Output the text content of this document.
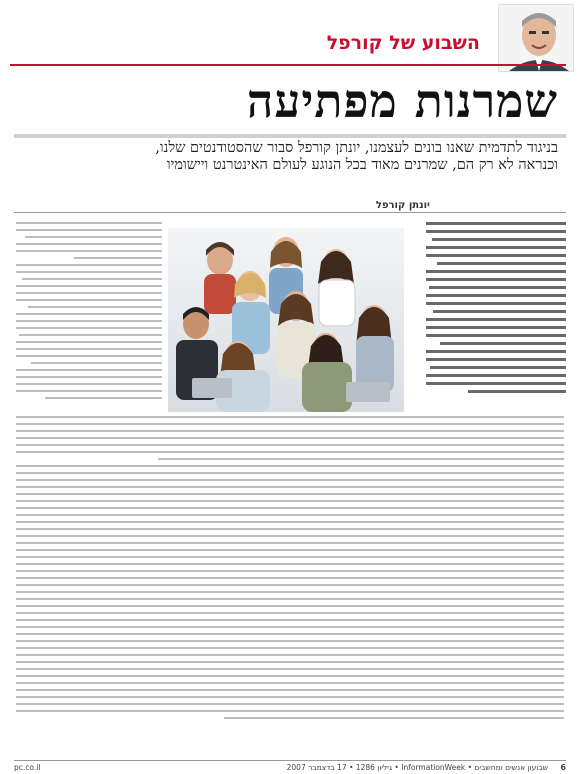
השבוע של קורפל
שמרנות מפתיעה
בניגוד לתדמית שאנו בונים לעצמנו, יונתן קורפל סבור שהסטודנטים שלנו, וכנראה לא רק הם, שמרנים מאוד בכל הנוגע לעולם האינטרנט ויישומיו
יונתן קורפל
6
שבועון אנשים ומחשבים • InformationWeek • גיליון 1286 • 17 בדצמבר 2007
pc.co.il
